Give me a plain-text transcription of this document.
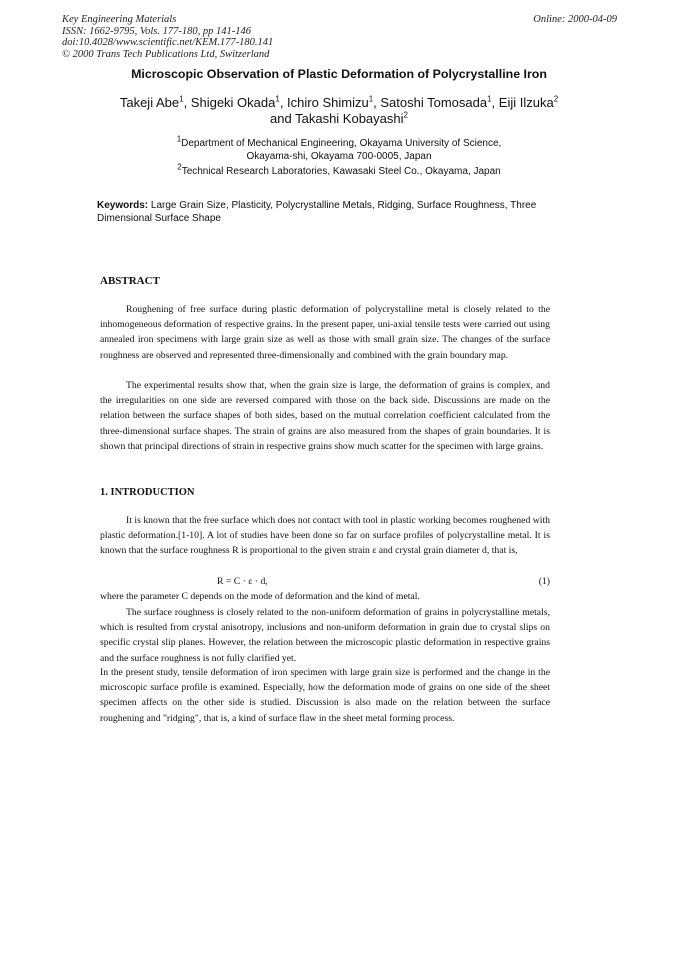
Key Engineering Materials
ISSN: 1662-9795, Vols. 177-180, pp 141-146
doi:10.4028/www.scientific.net/KEM.177-180.141
© 2000 Trans Tech Publications Ltd, Switzerland
Online: 2000-04-09
Microscopic Observation of Plastic Deformation of Polycrystalline Iron
Takeji Abe$^1$, Shigeki Okada$^1$, Ichiro Shimizu$^1$, Satoshi Tomosada$^1$, Eiji Ilzuka$^2$
and Takashi Kobayashi$^2$
$^1$Department of Mechanical Engineering, Okayama University of Science,
Okayama-shi, Okayama 700-0005, Japan
$^2$Technical Research Laboratories, Kawasaki Steel Co., Okayama, Japan
Keywords: Large Grain Size, Plasticity, Polycrystalline Metals, Ridging, Surface Roughness, Three Dimensional Surface Shape
ABSTRACT

Roughening of free surface during plastic deformation of polycrystalline metal is closely related to the inhomogeneous deformation of respective grains. In the present paper, uni-axial tensile tests were carried out using annealed iron specimens with large grain size as well as those with small grain size. The changes of the surface roughness are observed and represented three-dimensionally and combined with the grain boundary map.

The experimental results show that, when the grain size is large, the deformation of grains is complex, and the irregularities on one side are reversed compared with those on the back side. Discussions are made on the relation between the surface shapes of both sides, based on the mutual correlation coefficient calculated from the three-dimensional surface shapes. The strain of grains are also measured from the shapes of grain boundaries. It is shown that principal directions of strain in respective grains show much scatter for the specimen with large grains.

1. INTRODUCTION

It is known that the free surface which does not contact with tool in plastic working becomes roughened with plastic deformation.[1-10]. A lot of studies have been done so far on surface profiles of polycrystalline metal. It is known that the surface roughness R is proportional to the given strain ε and crystal grain diameter d, that is,

R = C · ε · d,	(1)

where the parameter C depends on the mode of deformation and the kind of metal.

The surface roughness is closely related to the non-uniform deformation of grains in polycrystalline metals, which is resulted from crystal anisotropy, inclusions and non-uniform deformation in grain due to crystal slips on specific crystal slip planes. However, the relation between the microscopic plastic deformation in respective grains and the surface roughness is not fully clarified yet.

In the present study, tensile deformation of iron specimen with large grain size is performed and the change in the microscopic surface profile is examined. Especially, how the deformation mode of grains on one side of the sheet specimen affects on the other side is studied. Discussion is also made on the relation between the surface roughening and "ridging", that is, a kind of surface flaw in the sheet metal forming process.
